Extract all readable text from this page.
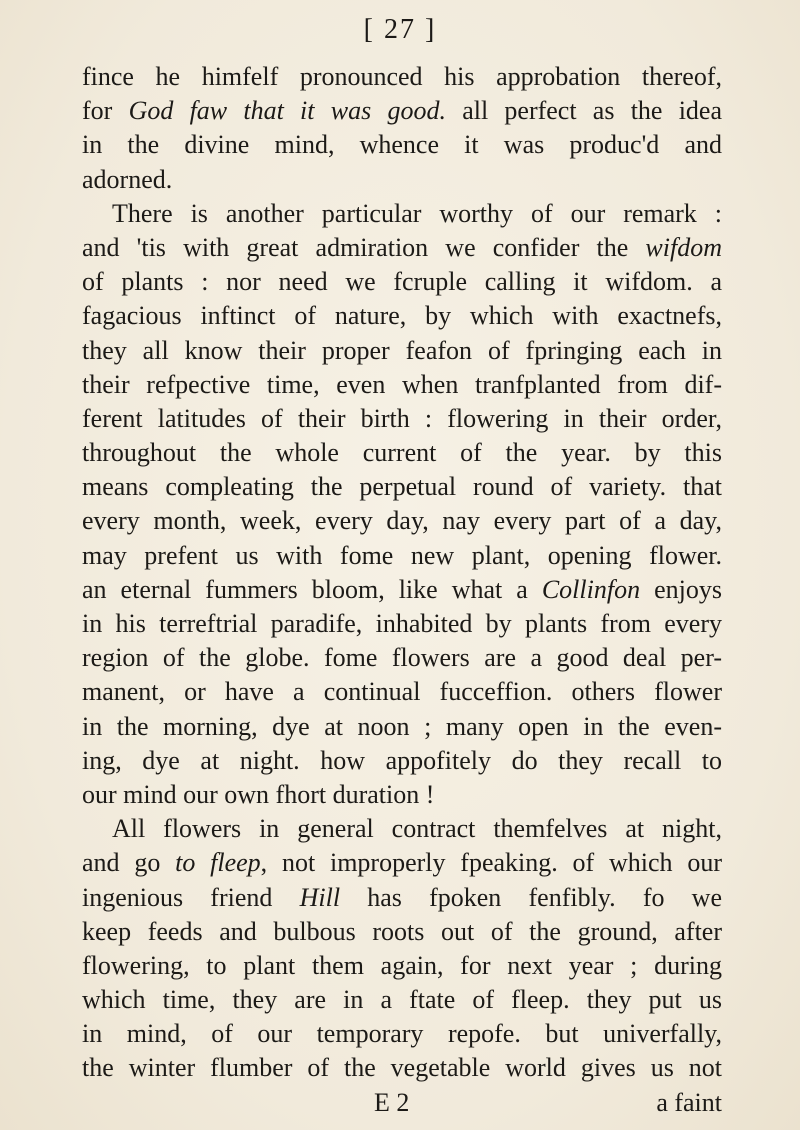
[ 27 ]
fince he himfelf pronounced his approbation thereof,
for God faw that it was good. all perfect as the idea
in the divine mind, whence it was produc'd and
adorned.
There is another particular worthy of our remark :
and 'tis with great admiration we confider the wifdom
of plants : nor need we fcruple calling it wifdom. a
fagacious inftinct of nature, by which with exactnefs,
they all know their proper feafon of fpringing each in
their refpective time, even when tranfplanted from dif-
ferent latitudes of their birth : flowering in their order,
throughout the whole current of the year. by this
means compleating the perpetual round of variety. that
every month, week, every day, nay every part of a day,
may prefent us with fome new plant, opening flower.
an eternal fummers bloom, like what a Collinfon enjoys
in his terreftrial paradife, inhabited by plants from every
region of the globe. fome flowers are a good deal per-
manent, or have a continual fucceffion. others flower
in the morning, dye at noon ; many open in the even-
ing, dye at night. how appofitely do they recall to
our mind our own fhort duration !
All flowers in general contract themfelves at night,
and go to fleep, not improperly fpeaking. of which our
ingenious friend Hill has fpoken fenfibly. fo we
keep feeds and bulbous roots out of the ground, after
flowering, to plant them again, for next year ; during
which time, they are in a ftate of fleep. they put us
in mind, of our temporary repofe. but univerfally,
the winter flumber of the vegetable world gives us not
E 2	a faint
